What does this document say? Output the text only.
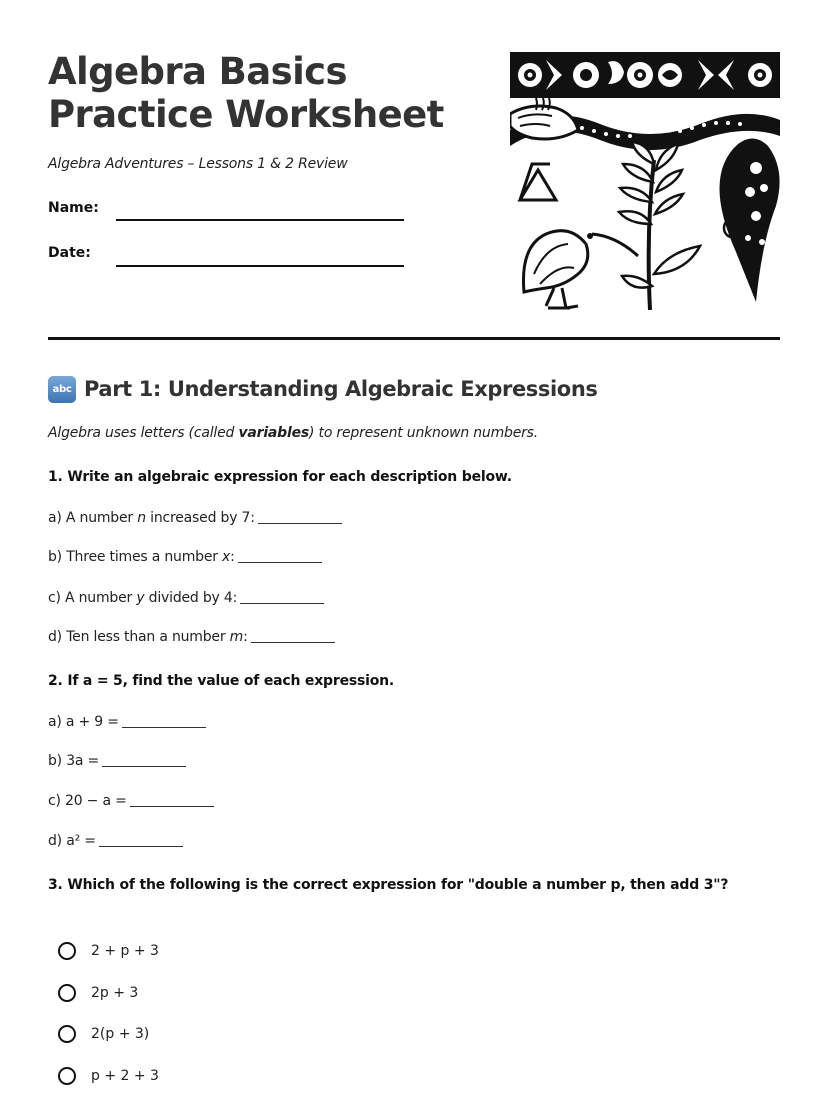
Algebra Basics Practice Worksheet
Algebra Adventures – Lessons 1 & 2 Review
Name:
Date:
abc Part 1: Understanding Algebraic Expressions
Algebra uses letters (called variables) to represent unknown numbers.
1. Write an algebraic expression for each description below.
a) A number n increased by 7:
b) Three times a number x:
c) A number y divided by 4:
d) Ten less than a number m:
2. If a = 5, find the value of each expression.
a) a + 9 =
b) 3a =
c) 20 − a =
d) a² =
3. Which of the following is the correct expression for "double a number p, then add 3"?
2 + p + 3
2p + 3
2(p + 3)
p + 2 + 3
